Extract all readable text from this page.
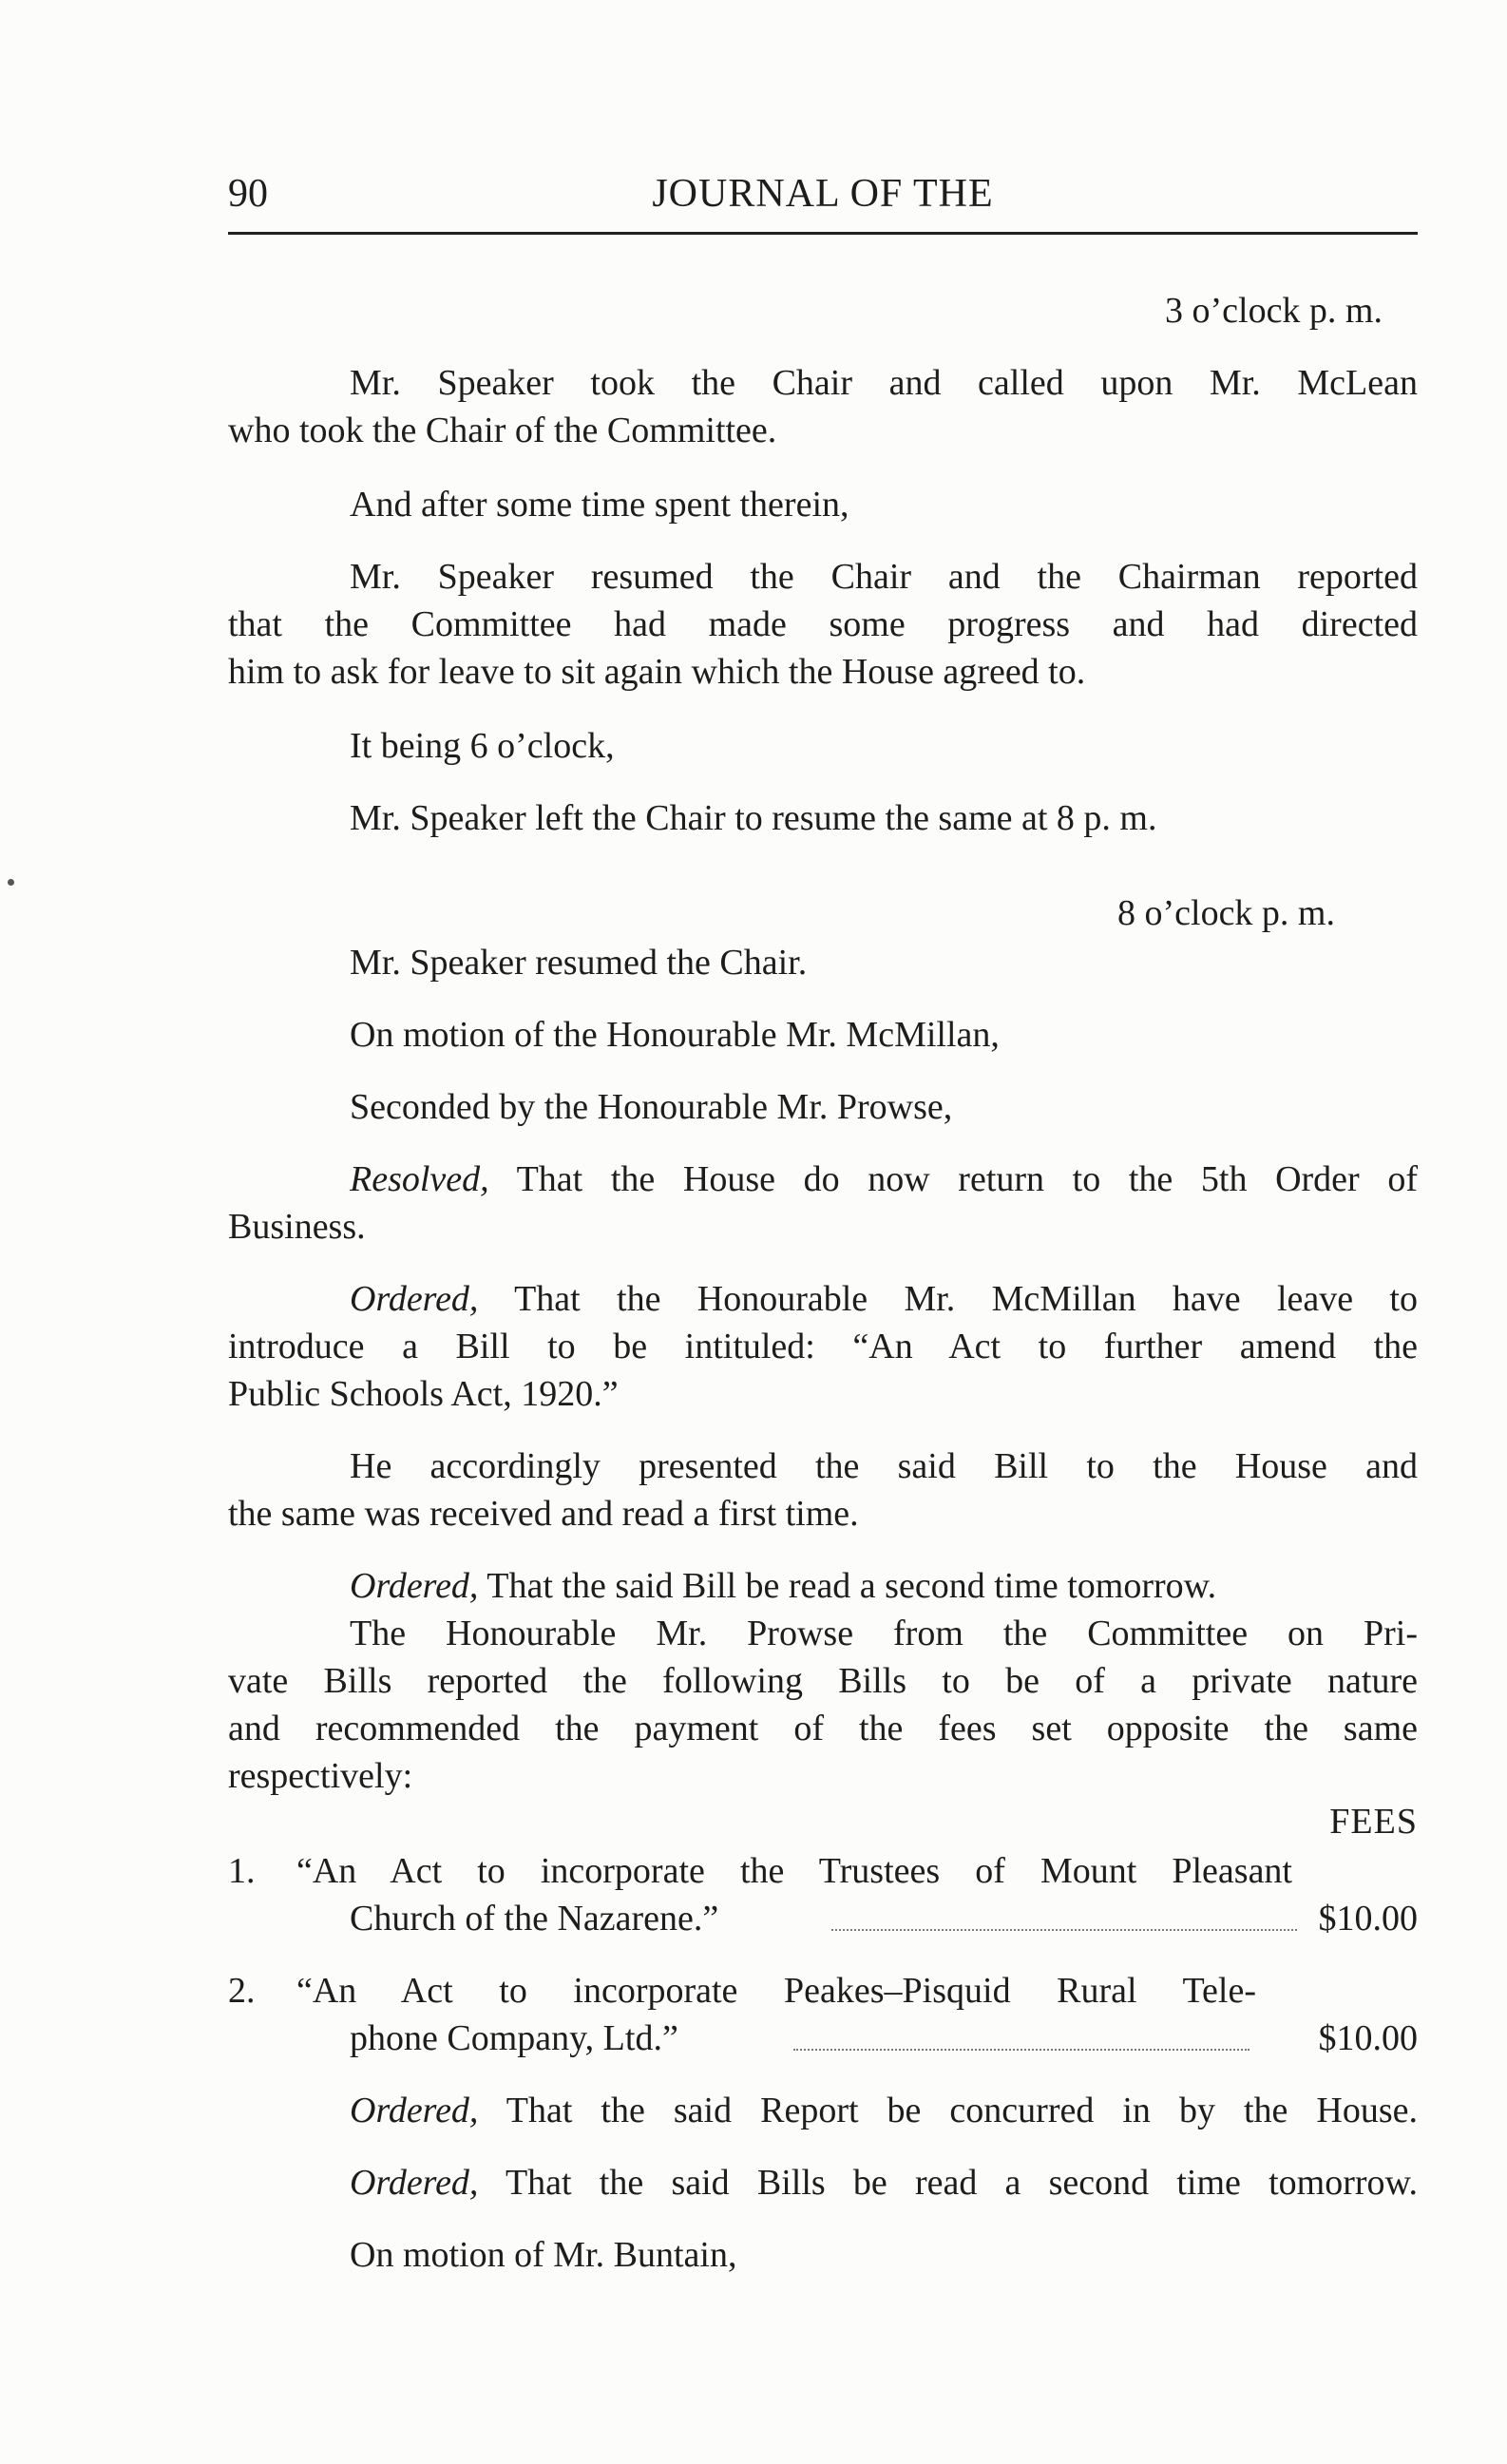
90	JOURNAL OF THE
3 o’clock p. m.
Mr. Speaker took the Chair and called upon Mr. McLean
who took the Chair of the Committee.
And after some time spent therein,
Mr. Speaker resumed the Chair and the Chairman reported
that the Committee had made some progress and had directed
him to ask for leave to sit again which the House agreed to.
It being 6 o’clock,
Mr. Speaker left the Chair to resume the same at 8 p. m.
8 o’clock p. m.
Mr. Speaker resumed the Chair.
On motion of the Honourable Mr. McMillan,
Seconded by the Honourable Mr. Prowse,
Resolved, That the House do now return to the 5th Order of
Business.
Ordered, That the Honourable Mr. McMillan have leave to
introduce a Bill to be intituled: “An Act to further amend the
Public Schools Act, 1920.”
He accordingly presented the said Bill to the House and
the same was received and read a first time.
Ordered, That the said Bill be read a second time tomorrow.
The Honourable Mr. Prowse from the Committee on Pri-
vate Bills reported the following Bills to be of a private nature
and recommended the payment of the fees set opposite the same
respectively:
FEES
1. “An Act to incorporate the Trustees of Mount Pleasant
Church of the Nazarene.”	$10.00
2. “An Act to incorporate Peakes–Pisquid Rural Tele-
phone Company, Ltd.”	$10.00
Ordered, That the said Report be concurred in by the House.
Ordered, That the said Bills be read a second time tomorrow.
On motion of Mr. Buntain,
